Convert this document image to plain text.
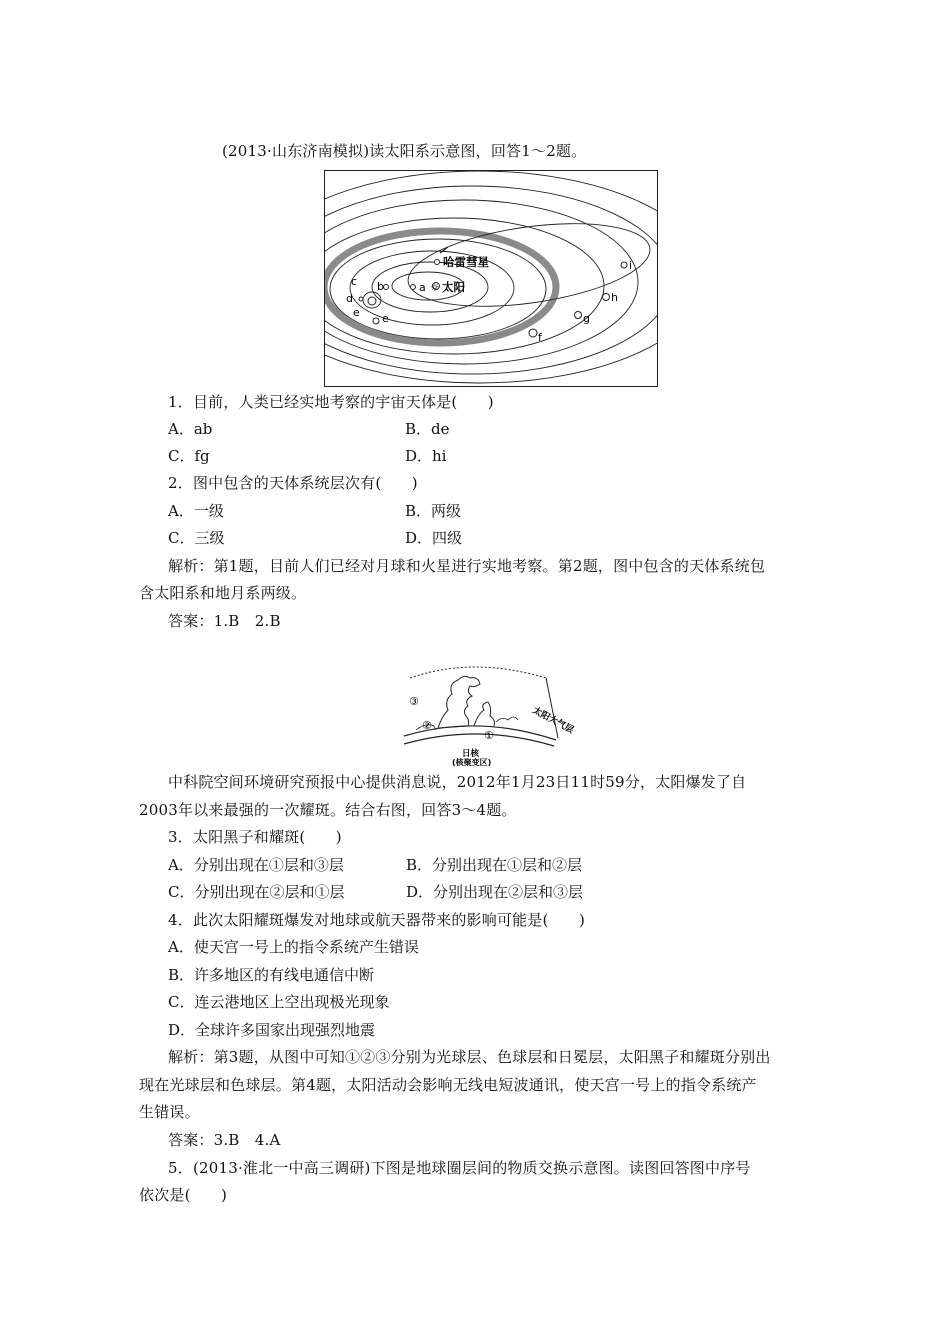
(2013·山东济南模拟)读太阳系示意图，回答1～2题。
哈雷彗星
a ☼ 太阳
b
c
d
e e
f
g
h
i
1．目前，人类已经实地考察的宇宙天体是(　　)
A．ab	B．de
C．fg	D．hi
2．图中包含的天体系统层次有(　　)
A．一级	B．两级
C．三级	D．四级
解析：第1题，目前人们已经对月球和火星进行实地考察。第2题，图中包含的天体系统包
含太阳系和地月系两级。
答案：1.B　2.B
③
②
①	太阳大气层
日核
(核聚变区)
中科院空间环境研究预报中心提供消息说，2012年1月23日11时59分，太阳爆发了自
2003年以来最强的一次耀斑。结合右图，回答3～4题。
3．太阳黑子和耀斑(　　)
A．分别出现在①层和③层	B．分别出现在①层和②层
C．分别出现在②层和①层	D．分别出现在②层和③层
4．此次太阳耀斑爆发对地球或航天器带来的影响可能是(　　)
A．使天宫一号上的指令系统产生错误
B．许多地区的有线电通信中断
C．连云港地区上空出现极光现象
D．全球许多国家出现强烈地震
解析：第3题，从图中可知①②③分别为光球层、色球层和日冕层，太阳黑子和耀斑分别出
现在光球层和色球层。第4题，太阳活动会影响无线电短波通讯，使天宫一号上的指令系统产
生错误。
答案：3.B　4.A
5．(2013·淮北一中高三调研)下图是地球圈层间的物质交换示意图。读图回答图中序号
依次是(　　)
